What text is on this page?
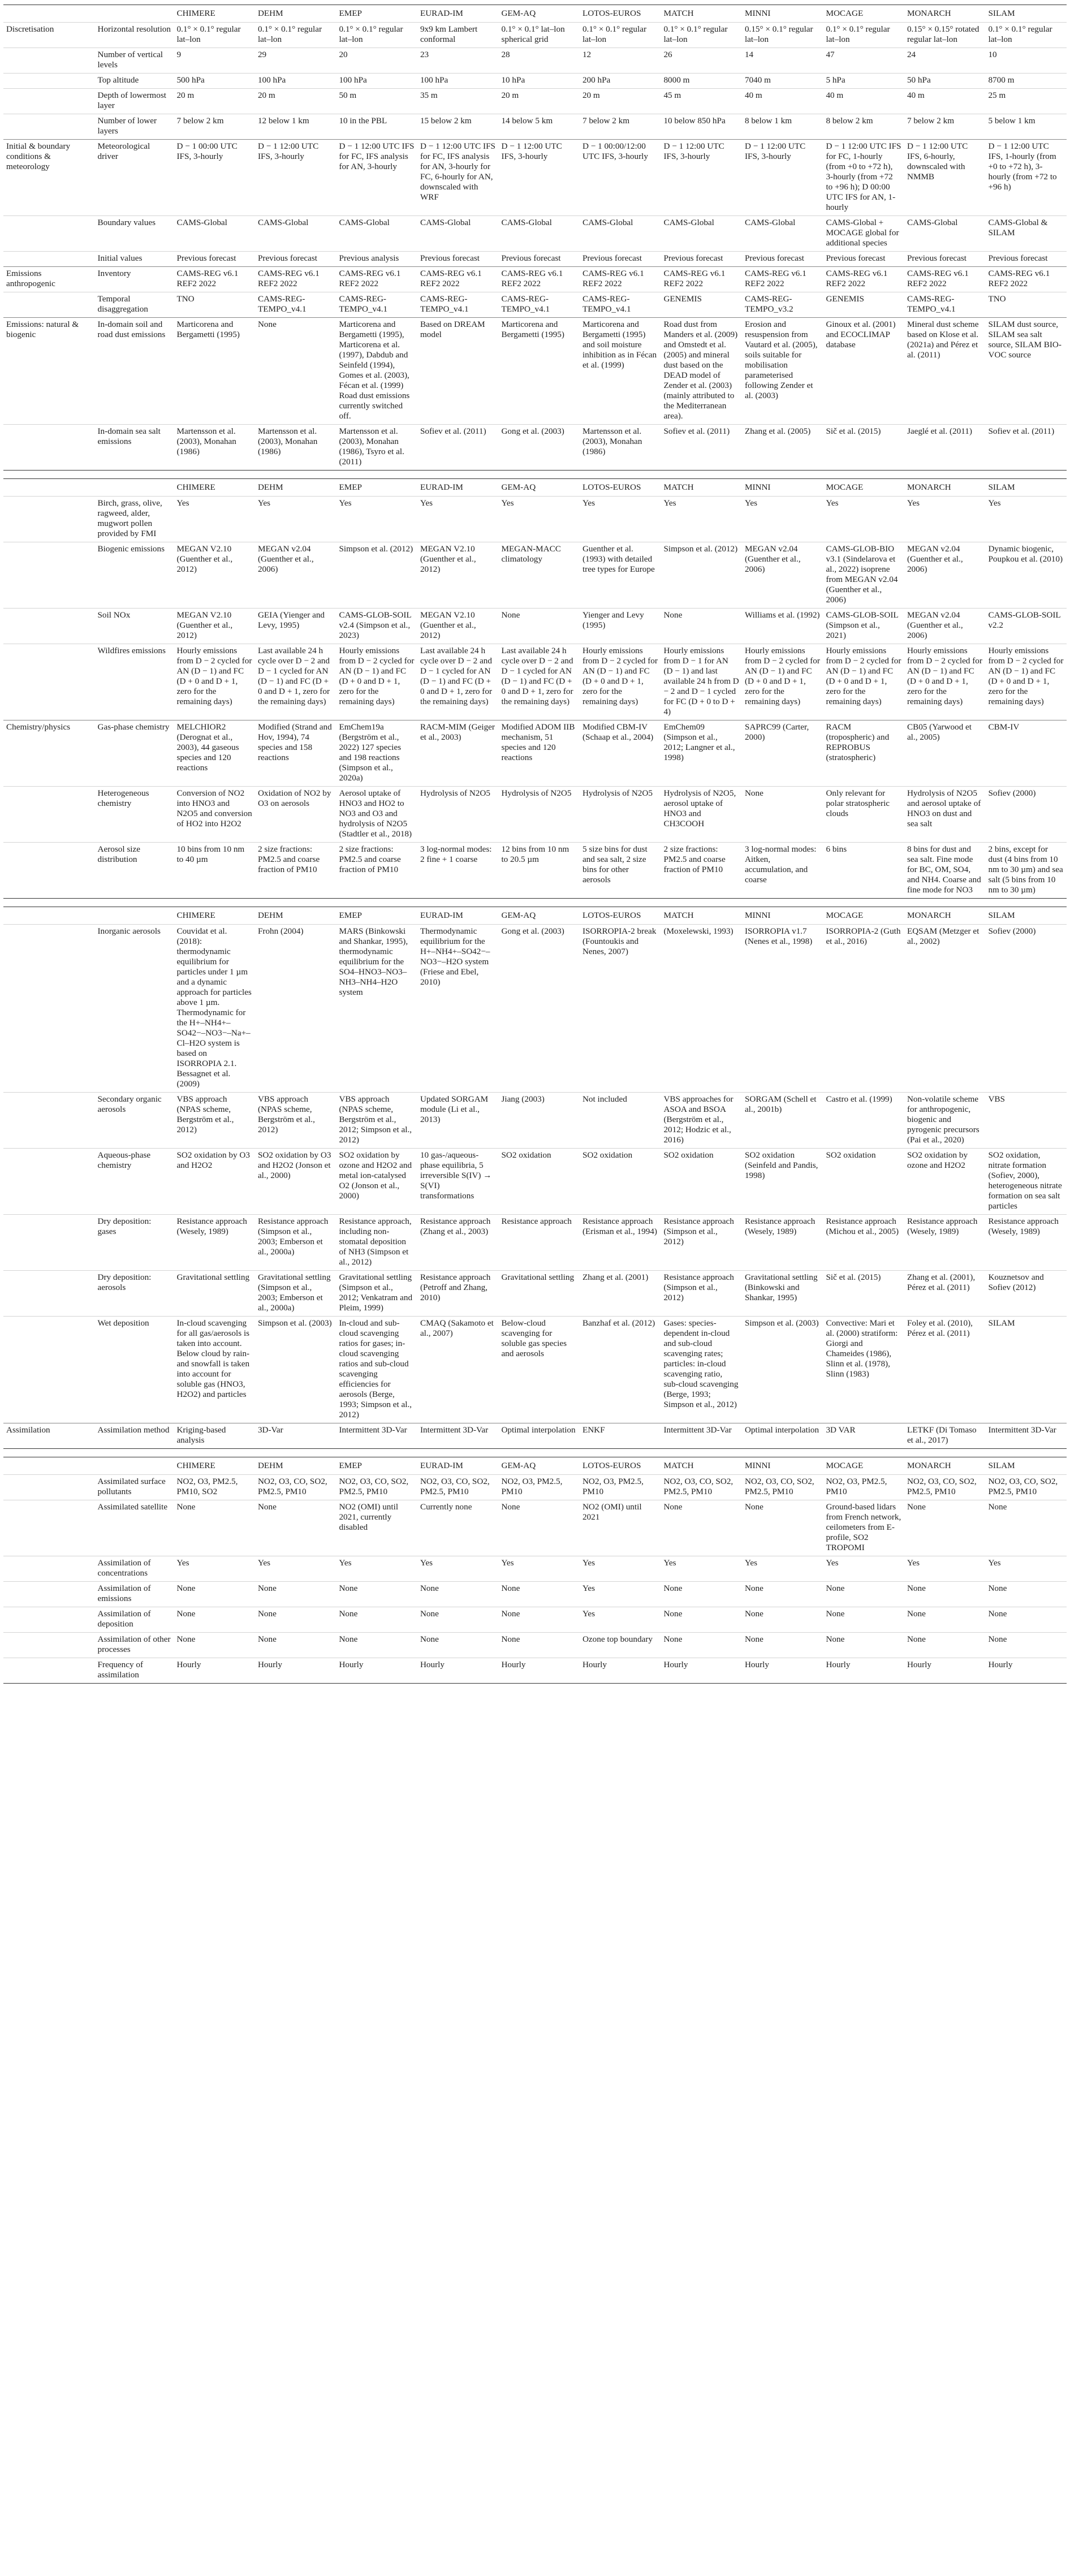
		CHIMERE	DEHM	EMEP	EURAD-IM	GEM-AQ	LOTOS-EUROS	MATCH	MINNI	MOCAGE	MONARCH	SILAM
Discretisation	Horizontal resolution	0.1° × 0.1° regular lat–lon	0.1° × 0.1° regular lat–lon	0.1° × 0.1° regular lat–lon	9x9 km Lambert conformal	0.1° × 0.1° lat–lon spherical grid	0.1° × 0.1° regular lat–lon	0.1° × 0.1° regular lat–lon	0.15° × 0.1° regular lat–lon	0.1° × 0.1° regular lat–lon	0.15° × 0.15° rotated regular lat–lon	0.1° × 0.1° regular lat–lon
	Number of vertical levels	9	29	20	23	28	12	26	14	47	24	10
	Top altitude	500 hPa	100 hPa	100 hPa	100 hPa	10 hPa	200 hPa	8000 m	7040 m	5 hPa	50 hPa	8700 m
	Depth of lowermost layer	20 m	20 m	50 m	35 m	20 m	20 m	45 m	40 m	40 m	40 m	25 m
	Number of lower layers	7 below 2 km	12 below 1 km	10 in the PBL	15 below 2 km	14 below 5 km	7 below 2 km	10 below 850 hPa	8 below 1 km	8 below 2 km	7 below 2 km	5 below 1 km
Initial & boundary conditions & meteorology	Meteorological driver	D − 1 00:00 UTC IFS, 3-hourly	D − 1 12:00 UTC IFS, 3-hourly	D − 1 12:00 UTC IFS for FC, IFS analysis for AN, 3-hourly	D − 1 12:00 UTC IFS for FC, IFS analysis for AN, 3-hourly for FC, 6-hourly for AN, downscaled with WRF	D − 1 12:00 UTC IFS, 3-hourly	D − 1 00:00/12:00 UTC IFS, 3-hourly	D − 1 12:00 UTC IFS, 3-hourly	D − 1 12:00 UTC IFS, 3-hourly	D − 1 12:00 UTC IFS for FC, 1-hourly (from +0 to +72 h), 3-hourly (from +72 to +96 h); D 00:00 UTC IFS for AN, 1-hourly	D − 1 12:00 UTC IFS, 6-hourly, downscaled with NMMB	D − 1 12:00 UTC IFS, 1-hourly (from +0 to +72 h), 3-hourly (from +72 to +96 h)
	Boundary values	CAMS-Global	CAMS-Global	CAMS-Global	CAMS-Global	CAMS-Global	CAMS-Global	CAMS-Global	CAMS-Global	CAMS-Global + MOCAGE global for additional species	CAMS-Global	CAMS-Global & SILAM
	Initial values	Previous forecast	Previous forecast	Previous analysis	Previous forecast	Previous forecast	Previous forecast	Previous forecast	Previous forecast	Previous forecast	Previous forecast	Previous forecast
Emissions anthropogenic	Inventory	CAMS-REG v6.1 REF2 2022	CAMS-REG v6.1 REF2 2022	CAMS-REG v6.1 REF2 2022	CAMS-REG v6.1 REF2 2022	CAMS-REG v6.1 REF2 2022	CAMS-REG v6.1 REF2 2022	CAMS-REG v6.1 REF2 2022	CAMS-REG v6.1 REF2 2022	CAMS-REG v6.1 REF2 2022	CAMS-REG v6.1 REF2 2022	CAMS-REG v6.1 REF2 2022
	Temporal disaggregation	TNO	CAMS-REG-TEMPO_v4.1	CAMS-REG-TEMPO_v4.1	CAMS-REG-TEMPO_v4.1	CAMS-REG-TEMPO_v4.1	CAMS-REG-TEMPO_v4.1	GENEMIS	CAMS-REG-TEMPO_v3.2	GENEMIS	CAMS-REG-TEMPO_v4.1	TNO
Emissions: natural & biogenic	In-domain soil and road dust emissions	Marticorena and Bergametti (1995)	None	Marticorena and Bergametti (1995), Marticorena et al. (1997), Dabdub and Seinfeld (1994), Gomes et al. (2003), Fécan et al. (1999) Road dust emissions currently switched off.	Based on DREAM model	Marticorena and Bergametti (1995)	Marticorena and Bergametti (1995) and soil moisture inhibition as in Fécan et al. (1999)	Road dust from Manders et al. (2009) and Omstedt et al. (2005) and mineral dust based on the DEAD model of Zender et al. (2003) (mainly attributed to the Mediterranean area).	Erosion and resuspension from Vautard et al. (2005), soils suitable for mobilisation parameterised following Zender et al. (2003)	Ginoux et al. (2001) and ECOCLIMAP database	Mineral dust scheme based on Klose et al. (2021a) and Pérez et al. (2011)	SILAM dust source, SILAM sea salt source, SILAM BIO-VOC source
	In-domain sea salt emissions	Martensson et al. (2003), Monahan (1986)	Martensson et al. (2003), Monahan (1986)	Martensson et al. (2003), Monahan (1986), Tsyro et al. (2011)	Sofiev et al. (2011)	Gong et al. (2003)	Martensson et al. (2003), Monahan (1986)	Sofiev et al. (2011)	Zhang et al. (2005)	Sič et al. (2015)	Jaeglé et al. (2011)	Sofiev et al. (2011)
		CHIMERE	DEHM	EMEP	EURAD-IM	GEM-AQ	LOTOS-EUROS	MATCH	MINNI	MOCAGE	MONARCH	SILAM
	Birch, grass, olive, ragweed, alder, mugwort pollen provided by FMI	Yes	Yes	Yes	Yes	Yes	Yes	Yes	Yes	Yes	Yes	Yes
	Biogenic emissions	MEGAN V2.10 (Guenther et al., 2012)	MEGAN v2.04 (Guenther et al., 2006)	Simpson et al. (2012)	MEGAN V2.10 (Guenther et al., 2012)	MEGAN-MACC climatology	Guenther et al. (1993) with detailed tree types for Europe	Simpson et al. (2012)	MEGAN v2.04 (Guenther et al., 2006)	CAMS-GLOB-BIO v3.1 (Sindelarova et al., 2022) isoprene from MEGAN v2.04 (Guenther et al., 2006)	MEGAN v2.04 (Guenther et al., 2006)	Dynamic biogenic, Poupkou et al. (2010)
	Soil NOx	MEGAN V2.10 (Guenther et al., 2012)	GEIA (Yienger and Levy, 1995)	CAMS-GLOB-SOIL v2.4 (Simpson et al., 2023)	MEGAN V2.10 (Guenther et al., 2012)	None	Yienger and Levy (1995)	None	Williams et al. (1992)	CAMS-GLOB-SOIL (Simpson et al., 2021)	MEGAN v2.04 (Guenther et al., 2006)	CAMS-GLOB-SOIL v2.2
	Wildfires emissions	Hourly emissions from D − 2 cycled for AN (D − 1) and FC (D + 0 and D + 1, zero for the remaining days)	Last available 24 h cycle over D − 2 and D − 1 cycled for AN (D − 1) and FC (D + 0 and D + 1, zero for the remaining days)	Hourly emissions from D − 2 cycled for AN (D − 1) and FC (D + 0 and D + 1, zero for the remaining days)	Last available 24 h cycle over D − 2 and D − 1 cycled for AN (D − 1) and FC (D + 0 and D + 1, zero for the remaining days)	Last available 24 h cycle over D − 2 and D − 1 cycled for AN (D − 1) and FC (D + 0 and D + 1, zero for the remaining days)	Hourly emissions from D − 2 cycled for AN (D − 1) and FC (D + 0 and D + 1, zero for the remaining days)	Hourly emissions from D − 1 for AN (D − 1) and last available 24 h from D − 2 and D − 1 cycled for FC (D + 0 to D + 4)	Hourly emissions from D − 2 cycled for AN (D − 1) and FC (D + 0 and D + 1, zero for the remaining days)	Hourly emissions from D − 2 cycled for AN (D − 1) and FC (D + 0 and D + 1, zero for the remaining days)	Hourly emissions from D − 2 cycled for AN (D − 1) and FC (D + 0 and D + 1, zero for the remaining days)	Hourly emissions from D − 2 cycled for AN (D − 1) and FC (D + 0 and D + 1, zero for the remaining days)
Chemistry/physics	Gas-phase chemistry	MELCHIOR2 (Derognat et al., 2003), 44 gaseous species and 120 reactions	Modified (Strand and Hov, 1994), 74 species and 158 reactions	EmChem19a (Bergström et al., 2022) 127 species and 198 reactions (Simpson et al., 2020a)	RACM-MIM (Geiger et al., 2003)	Modified ADOM IIB mechanism, 51 species and 120 reactions	Modified CBM-IV (Schaap et al., 2004)	EmChem09 (Simpson et al., 2012; Langner et al., 1998)	SAPRC99 (Carter, 2000)	RACM (tropospheric) and REPROBUS (stratospheric)	CB05 (Yarwood et al., 2005)	CBM-IV
	Heterogeneous chemistry	Conversion of NO2 into HNO3 and N2O5 and conversion of HO2 into H2O2	Oxidation of NO2 by O3 on aerosols	Aerosol uptake of HNO3 and HO2 to NO3 and O3 and hydrolysis of N2O5 (Stadtler et al., 2018)	Hydrolysis of N2O5	Hydrolysis of N2O5	Hydrolysis of N2O5	Hydrolysis of N2O5, aerosol uptake of HNO3 and CH3COOH	None	Only relevant for polar stratospheric clouds	Hydrolysis of N2O5 and aerosol uptake of HNO3 on dust and sea salt	Sofiev (2000)
	Aerosol size distribution	10 bins from 10 nm to 40 µm	2 size fractions: PM2.5 and coarse fraction of PM10	2 size fractions: PM2.5 and coarse fraction of PM10	3 log-normal modes: 2 fine + 1 coarse	12 bins from 10 nm to 20.5 µm	5 size bins for dust and sea salt, 2 size bins for other aerosols	2 size fractions: PM2.5 and coarse fraction of PM10	3 log-normal modes: Aitken, accumulation, and coarse	6 bins	8 bins for dust and sea salt. Fine mode for BC, OM, SO4, and NH4. Coarse and fine mode for NO3	2 bins, except for dust (4 bins from 10 nm to 30 µm) and sea salt (5 bins from 10 nm to 30 µm)
		CHIMERE	DEHM	EMEP	EURAD-IM	GEM-AQ	LOTOS-EUROS	MATCH	MINNI	MOCAGE	MONARCH	SILAM
	Inorganic aerosols	Couvidat et al. (2018): thermodynamic equilibrium for particles under 1 µm and a dynamic approach for particles above 1 µm. Thermodynamic for the H+–NH4+–SO42−–NO3−–Na+–Cl–H2O system is based on ISORROPIA 2.1. Bessagnet et al. (2009)	Frohn (2004)	MARS (Binkowski and Shankar, 1995), thermodynamic equilibrium for the SO4–HNO3–NO3–NH3–NH4–H2O system	Thermodynamic equilibrium for the H+–NH4+–SO42−–NO3−–H2O system (Friese and Ebel, 2010)	Gong et al. (2003)	ISORROPIA-2 break (Fountoukis and Nenes, 2007)	(Moxelewski, 1993)	ISORROPIA v1.7 (Nenes et al., 1998)	ISORROPIA-2 (Guth et al., 2016)	EQSAM (Metzger et al., 2002)	Sofiev (2000)
	Secondary organic aerosols	VBS approach (NPAS scheme, Bergström et al., 2012)	VBS approach (NPAS scheme, Bergström et al., 2012)	VBS approach (NPAS scheme, Bergström et al., 2012; Simpson et al., 2012)	Updated SORGAM module (Li et al., 2013)	Jiang (2003)	Not included	VBS approaches for ASOA and BSOA (Bergström et al., 2012; Hodzic et al., 2016)	SORGAM (Schell et al., 2001b)	Castro et al. (1999)	Non-volatile scheme for anthropogenic, biogenic and pyrogenic precursors (Pai et al., 2020)	VBS
	Aqueous-phase chemistry	SO2 oxidation by O3 and H2O2	SO2 oxidation by O3 and H2O2 (Jonson et al., 2000)	SO2 oxidation by ozone and H2O2 and metal ion-catalysed O2 (Jonson et al., 2000)	10 gas-/aqueous-phase equilibria, 5 irreversible S(IV) → S(VI) transformations	SO2 oxidation	SO2 oxidation	SO2 oxidation	SO2 oxidation (Seinfeld and Pandis, 1998)	SO2 oxidation	SO2 oxidation by ozone and H2O2	SO2 oxidation, nitrate formation (Sofiev, 2000), heterogeneous nitrate formation on sea salt particles
	Dry deposition: gases	Resistance approach (Wesely, 1989)	Resistance approach (Simpson et al., 2003; Emberson et al., 2000a)	Resistance approach, including non-stomatal deposition of NH3 (Simpson et al., 2012)	Resistance approach (Zhang et al., 2003)	Resistance approach	Resistance approach (Erisman et al., 1994)	Resistance approach (Simpson et al., 2012)	Resistance approach (Wesely, 1989)	Resistance approach (Michou et al., 2005)	Resistance approach (Wesely, 1989)	Resistance approach (Wesely, 1989)
	Dry deposition: aerosols	Gravitational settling	Gravitational settling (Simpson et al., 2003; Emberson et al., 2000a)	Gravitational settling (Simpson et al., 2012; Venkatram and Pleim, 1999)	Resistance approach (Petroff and Zhang, 2010)	Gravitational settling	Zhang et al. (2001)	Resistance approach (Simpson et al., 2012)	Gravitational settling (Binkowski and Shankar, 1995)	Sič et al. (2015)	Zhang et al. (2001), Pérez et al. (2011)	Kouznetsov and Sofiev (2012)
	Wet deposition	In-cloud scavenging for all gas/aerosols is taken into account. Below cloud by rain- and snowfall is taken into account for soluble gas (HNO3, H2O2) and particles	Simpson et al. (2003)	In-cloud and sub-cloud scavenging ratios for gases; in-cloud scavenging ratios and sub-cloud scavenging efficiencies for aerosols (Berge, 1993; Simpson et al., 2012)	CMAQ (Sakamoto et al., 2007)	Below-cloud scavenging for soluble gas species and aerosols	Banzhaf et al. (2012)	Gases: species-dependent in-cloud and sub-cloud scavenging rates; particles: in-cloud scavenging ratio, sub-cloud scavenging (Berge, 1993; Simpson et al., 2012)	Simpson et al. (2003)	Convective: Mari et al. (2000) stratiform: Giorgi and Chameides (1986), Slinn et al. (1978), Slinn (1983)	Foley et al. (2010), Pérez et al. (2011)	SILAM
Assimilation	Assimilation method	Kriging-based analysis	3D-Var	Intermittent 3D-Var	Intermittent 3D-Var	Optimal interpolation	ENKF	Intermittent 3D-Var	Optimal interpolation	3D VAR	LETKF (Di Tomaso et al., 2017)	Intermittent 3D-Var
		CHIMERE	DEHM	EMEP	EURAD-IM	GEM-AQ	LOTOS-EUROS	MATCH	MINNI	MOCAGE	MONARCH	SILAM
	Assimilated surface pollutants	NO2, O3, PM2.5, PM10, SO2	NO2, O3, CO, SO2, PM2.5, PM10	NO2, O3, CO, SO2, PM2.5, PM10	NO2, O3, CO, SO2, PM2.5, PM10	NO2, O3, PM2.5, PM10	NO2, O3, PM2.5, PM10	NO2, O3, CO, SO2, PM2.5, PM10	NO2, O3, CO, SO2, PM2.5, PM10	NO2, O3, PM2.5, PM10	NO2, O3, CO, SO2, PM2.5, PM10	NO2, O3, CO, SO2, PM2.5, PM10
	Assimilated satellite	None	None	NO2 (OMI) until 2021, currently disabled	Currently none	None	NO2 (OMI) until 2021	None	None	Ground-based lidars from French network, ceilometers from E-profile, SO2 TROPOMI	None	None
	Assimilation of concentrations	Yes	Yes	Yes	Yes	Yes	Yes	Yes	Yes	Yes	Yes	Yes
	Assimilation of emissions	None	None	None	None	None	Yes	None	None	None	None	None
	Assimilation of deposition	None	None	None	None	None	Yes	None	None	None	None	None
	Assimilation of other processes	None	None	None	None	None	Ozone top boundary	None	None	None	None	None
	Frequency of assimilation	Hourly	Hourly	Hourly	Hourly	Hourly	Hourly	Hourly	Hourly	Hourly	Hourly	Hourly
